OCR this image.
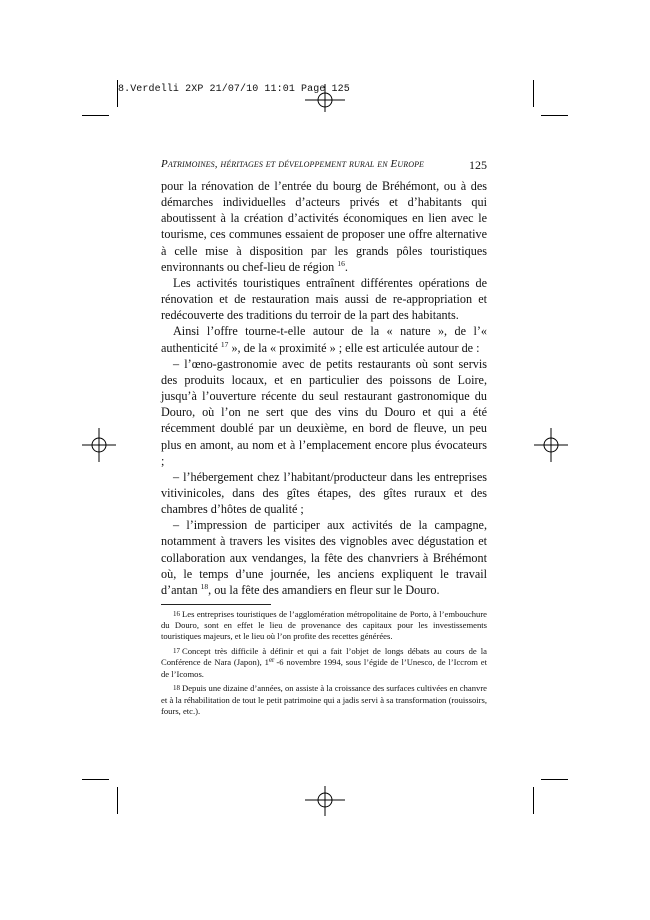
8.Verdelli 2XP 21/07/10 11:01 Page 125
Patrimoines, héritages et développement rural en Europe	125

pour la rénovation de l’entrée du bourg de Bréhémont, ou à des démarches individuelles d’acteurs privés et d’habitants qui aboutissent à la création d’activités économiques en lien avec le tourisme, ces communes essaient de proposer une offre alternative à celle mise à disposition par les grands pôles touristiques environnants ou chef-lieu de région $^{16}$.

Les activités touristiques entraînent différentes opérations de rénovation et de restauration mais aussi de re-appropriation et redécouverte des traditions du terroir de la part des habitants.

Ainsi l’offre tourne-t-elle autour de la « nature », de l’« authenticité $^{17}$ », de la « proximité » ; elle est articulée autour de :

– l’œno-gastronomie avec de petits restaurants où sont servis des produits locaux, et en particulier des poissons de Loire, jusqu’à l’ouverture récente du seul restaurant gastronomique du Douro, où l’on ne sert que des vins du Douro et qui a été récemment doublé par un deuxième, en bord de fleuve, un peu plus en amont, au nom et à l’emplacement encore plus évocateurs ;

– l’hébergement chez l’habitant/producteur dans les entreprises vitivinicoles, dans des gîtes étapes, des gîtes ruraux et des chambres d’hôtes de qualité ;

– l’impression de participer aux activités de la campagne, notamment à travers les visites des vignobles avec dégustation et collaboration aux vendanges, la fête des chanvriers à Bréhémont où, le temps d’une journée, les anciens expliquent le travail d’antan $^{18}$, ou la fête des amandiers en fleur sur le Douro.

$^{16}$ Les entreprises touristiques de l’agglomération métropolitaine de Porto, à l’embouchure du Douro, sont en effet le lieu de provenance des capitaux pour les investissements touristiques majeurs, et le lieu où l’on profite des recettes générées.

$^{17}$ Concept très difficile à définir et qui a fait l’objet de longs débats au cours de la Conférence de Nara (Japon), 1er -6 novembre 1994, sous l’égide de l’Unesco, de l’Iccrom et de l’Icomos.

$^{18}$ Depuis une dizaine d’années, on assiste à la croissance des surfaces cultivées en chanvre et à la réhabilitation de tout le petit patrimoine qui a jadis servi à sa transformation (rouissoirs, fours, etc.).
